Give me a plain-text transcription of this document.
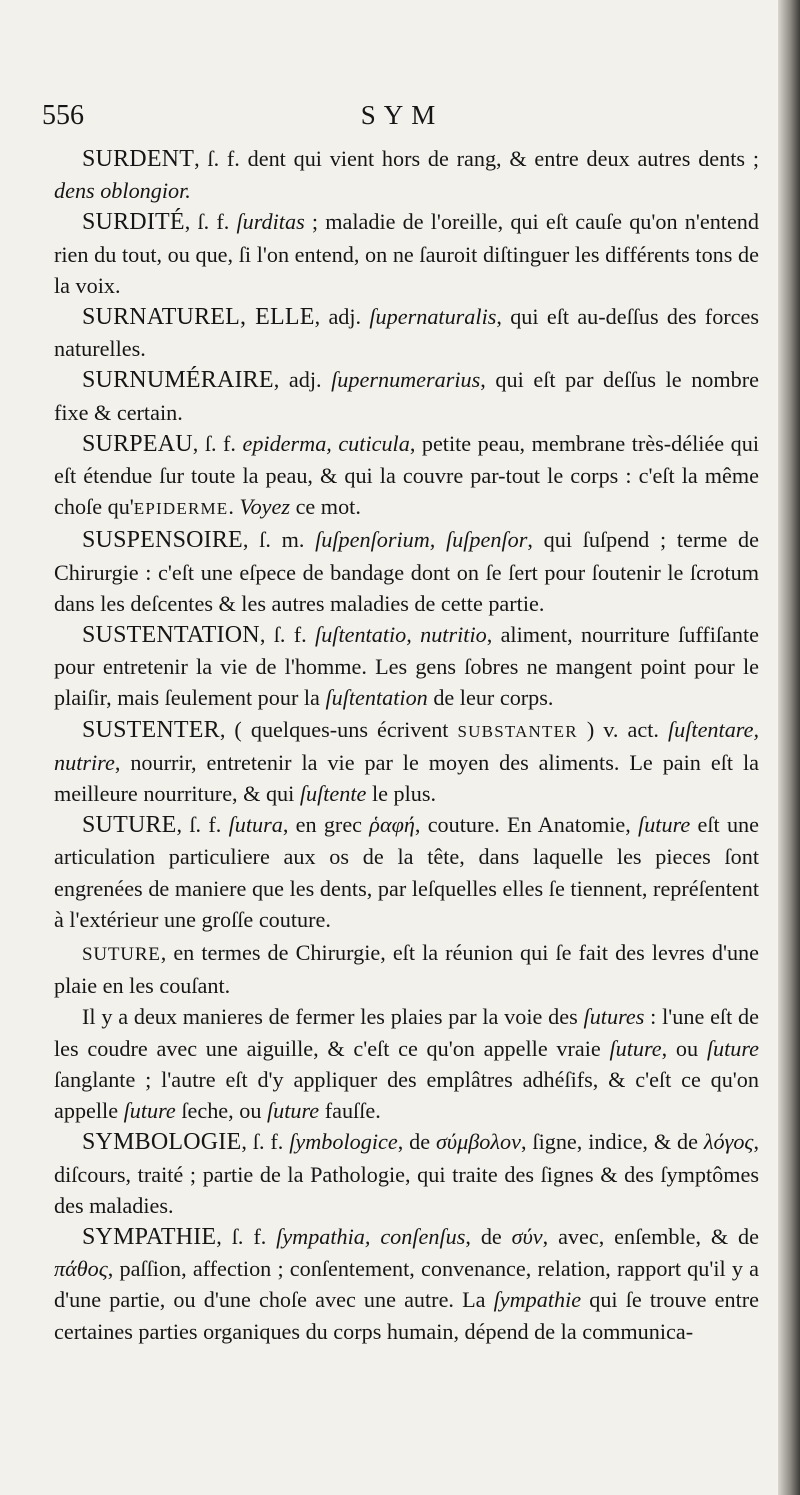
556	SYM

SURDENT, ſ. f. dent qui vient hors de rang, & entre deux autres dents ; dens oblongior.

SURDITÉ, ſ. f. ſurditas ; maladie de l'oreille, qui eſt cauſe qu'on n'entend rien du tout, ou que, ſi l'on entend, on ne ſauroit diſtinguer les différents tons de la voix.

SURNATUREL, ELLE, adj. ſupernaturalis, qui eſt au-deſſus des forces naturelles.

SURNUMÉRAIRE, adj. ſupernumerarius, qui eſt par deſſus le nombre fixe & certain.

SURPEAU, ſ. f. epiderma, cuticula, petite peau, membrane très-déliée qui eſt étendue ſur toute la peau, & qui la couvre par-tout le corps : c'eſt la même choſe qu'EPIDERME. Voyez ce mot.

SUSPENSOIRE, ſ. m. ſuſpenſorium, ſuſpenſor, qui ſuſpend ; terme de Chirurgie : c'eſt une eſpece de bandage dont on ſe ſert pour ſoutenir le ſcrotum dans les deſcentes & les autres maladies de cette partie.

SUSTENTATION, ſ. f. ſuſtentatio, nutritio, aliment, nourriture ſuffiſante pour entretenir la vie de l'homme. Les gens ſobres ne mangent point pour le plaiſir, mais ſeulement pour la ſuſtentation de leur corps.

SUSTENTER, ( quelques-uns écrivent SUBSTANTER ) v. act. ſuſtentare, nutrire, nourrir, entretenir la vie par le moyen des aliments. Le pain eſt la meilleure nourriture, & qui ſuſtente le plus.

SUTURE, ſ. f. ſutura, en grec ῥαφή, couture. En Anatomie, ſuture eſt une articulation particuliere aux os de la tête, dans laquelle les pieces ſont engrenées de maniere que les dents, par leſquelles elles ſe tiennent, repréſentent à l'extérieur une groſſe couture.

SUTURE, en termes de Chirurgie, eſt la réunion qui ſe fait des levres d'une plaie en les couſant.

Il y a deux manieres de fermer les plaies par la voie des ſutures : l'une eſt de les coudre avec une aiguille, & c'eſt ce qu'on appelle vraie ſuture, ou ſuture ſanglante ; l'autre eſt d'y appliquer des emplâtres adhéſifs, & c'eſt ce qu'on appelle ſuture ſeche, ou ſuture fauſſe.

SYMBOLOGIE, ſ. f. ſymbologice, de σύμβολον, ſigne, indice, & de λόγος, diſcours, traité ; partie de la Pathologie, qui traite des ſignes & des ſymptômes des maladies.

SYMPATHIE, ſ. f. ſympathia, conſenſus, de σύν, avec, enſemble, & de πάθος, paſſion, affection ; conſentement, convenance, relation, rapport qu'il y a d'une partie, ou d'une choſe avec une autre. La ſympathie qui ſe trouve entre certaines parties organiques du corps humain, dépend de la communica-
